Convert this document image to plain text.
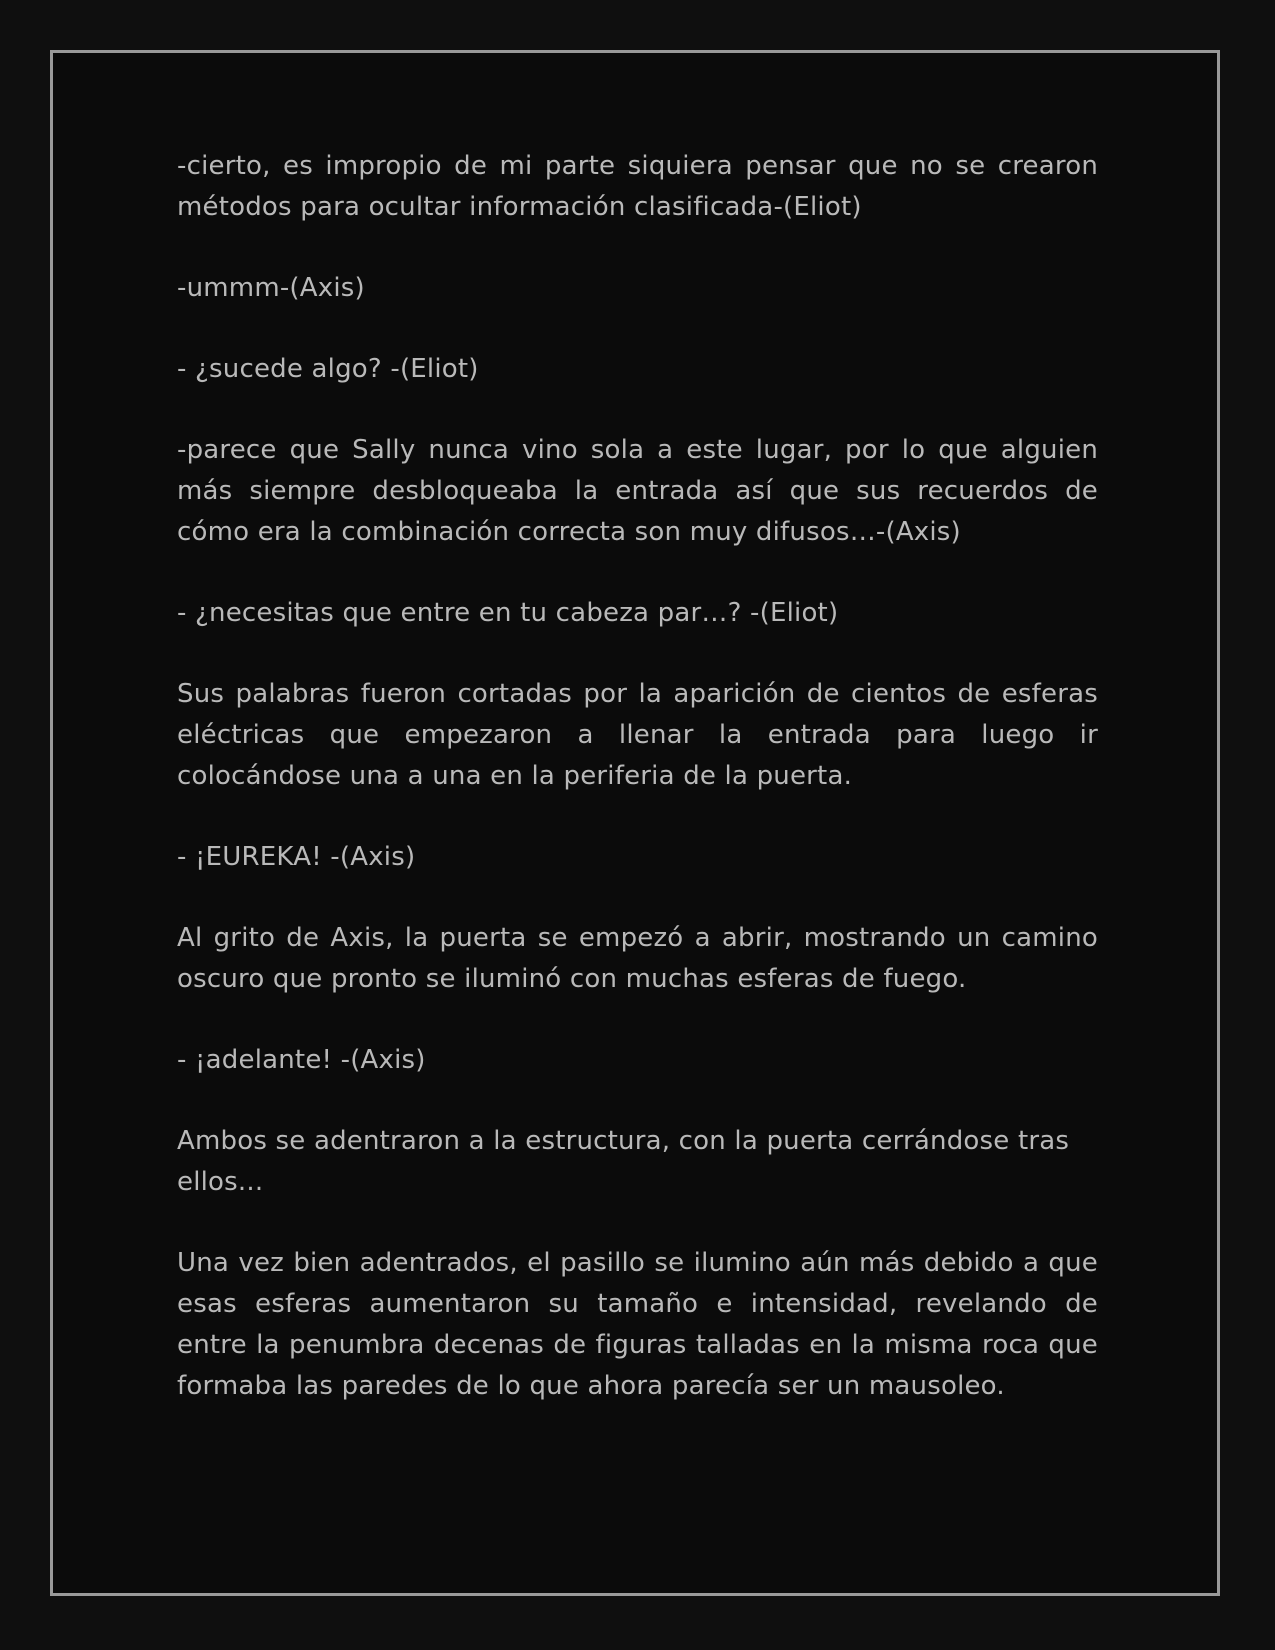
-cierto, es impropio de mi parte siquiera pensar que no se crearon métodos para ocultar información clasificada-(Eliot)

-ummm-(Axis)

- ¿sucede algo? -(Eliot)

-parece que Sally nunca vino sola a este lugar, por lo que alguien más siempre desbloqueaba la entrada así que sus recuerdos de cómo era la combinación correcta son muy difusos…-(Axis)

- ¿necesitas que entre en tu cabeza par…? -(Eliot)

Sus palabras fueron cortadas por la aparición de cientos de esferas eléctricas que empezaron a llenar la entrada para luego ir colocándose una a una en la periferia de la puerta.

- ¡EUREKA! -(Axis)

Al grito de Axis, la puerta se empezó a abrir, mostrando un camino oscuro que pronto se iluminó con muchas esferas de fuego.

- ¡adelante! -(Axis)

Ambos se adentraron a la estructura, con la puerta cerrándose tras ellos...

Una vez bien adentrados, el pasillo se ilumino aún más debido a que esas esferas aumentaron su tamaño e intensidad, revelando de entre la penumbra decenas de figuras talladas en la misma roca que formaba las paredes de lo que ahora parecía ser un mausoleo.
